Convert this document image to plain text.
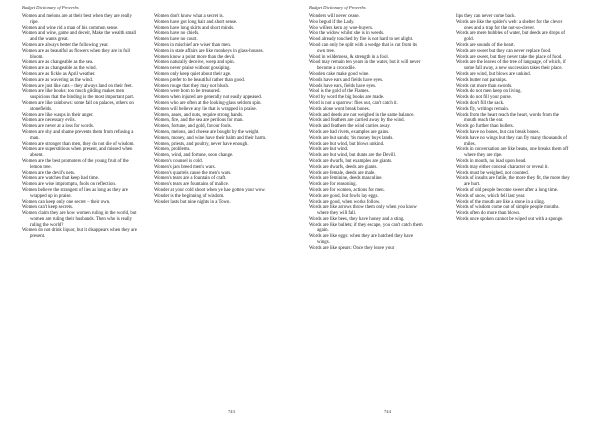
Budget Dictionary of Proverbs
Women and melons are at their best when they are really ripe.
Women and wine rid a man of his common sense.
Women and wine, game and deceit, Make the wealth small and the wants great.
Women are always better the following year.
Women are as beautiful as flowers when they are in full bloom.
Women are as changeable as the sea.
Women are as changeable as the wind.
Women are as fickle as April weather.
Women are as wavering as the wind.
Women are just like cats – they always land on their feet.
Women are like books: too much gilding makes men suspicious that the binding is the most important part.
Women are like rainbows: some fall on palaces, others on stonefields.
Women are like wasps in their anger.
Women are necessary evils.
Women are never at a loss for words.
Women are shy and shame prevents them from refusing a man.
Women are stronger than men, they do not die of wisdom.
Women are superstitious when present, and missed when absent.
Women are the best promoters of the young fruit of the lemon tree.
Women are the devil's nets.
Women are watches that keep bad time.
Women are wise impromptu, fools on reflection.
Women believe the strangest of lies as long as they are wrapped up in praise.
Women can keep only one secret – their own.
Women can't keep secrets.
Women claim they are how women ruling in the world, but women are ruling their husbands. Then who is really ruling the world?
Women do not drink liquor, but it disappears when they are present.
Women don't know what a secret is.
Women have got long hair and short sense.
Women have long skirts and short minds.
Women have no chiefs.
Women have no court.
Women in mischief are wiser than men.
Women in state affairs are like monkeys in glass-houses.
Women know a point more than the devil.
Women naturally deceive, weep and spin.
Women never praise without gossiping.
Women only keep quiet about their age.
Women prefer to be beautiful rather than good.
Women rouge that they may not blush.
Women were born to be treasured.
Women when injured are generally not easily appeased.
Women who are often at the looking-glass seldom spin.
Women will believe any lie that is wrapped in praise.
Women, asses, and nuts, require strong hands.
Women, fire, and the sea are perilous for man.
Women, fortune, and gold, favour fools.
Women, melons, and cheese are bought by the weight.
Women, money, and wine have their balm and their harm.
Women, priests, and poultry, never have enough.
Women, problems.
Women, wind, and fortune, soon change.
Women's counsel is cold.
Women's jars breed men's wars.
Women's quarrels cause the men's wars.
Women's tears are a fountain of craft.
Women's tears are fountains of malice.
Wonder at your cold shoot when ye hae gotten your wow.
Wonder is the beginning of wisdom.
Wonder lasts but nine nights in a Town.
743
Budget Dictionary of Proverbs
Wonders will never cease.
Woo begud if the Lady.
Woo willers kern ay woe-buyers.
Woo the widow whilst she is in weeds.
Wood already touched by fire is not hard to set alight.
Wood can only be split with a wedge that is cut from its own tree.
Wood in wilderness, & strength in a fool.
Wood may remain ten years in the water, but it will never become a crocodile.
Wooden cake make good wine.
Woods have ears and fields have eyes.
Woods have ears, fields have eyes.
Wool is the gold of the Flames.
Word by word the big books are made.
Word is not a sparrow: flies out, can't catch it.
Words alone wont break bones.
Words and deeds are not weighed in the same balance.
Words and feathers are carried away by the wind.
Words and feathers the wind carries away.
Words are bad rivets, examples are gains.
Words are but sands; 'tis money buys lands.
Words are but wind, but blows unkind.
Words are but wind.
Words are but wind, but dunts are the Devill.
Words are dwarfs, but examples are giants.
Words are dwarfs, deeds are giants.
Words are female, deeds are male.
Words are feminine, deeds masculine.
Words are for reasoning.
Words are for women, actions for men.
Words are good, but fowls lay eggs.
Words are good, when works follow.
Words are like arrows throw them only when you know where they will fall.
Words are like bees, they have honey and a sting.
Words are like bullets; if they escape, you can't catch them again.
Words are like eggs: when they are hatched they have wings.
Words are like spears: Once they leave your
lips they can never come back.
Words are like the spider's web: a shelter for the clever ones and a trap for the not-so-clever.
Words are mere bubbles of water, but deeds are drops of gold.
Words are sounds of the heart.
Words are sweet but they can never replace food.
Words are sweet, but they never take the place of food.
Words are the leaves of the tree of language, of which, if some fall away, a new succession takes their place.
Words are wind, but blows are unkind.
Words butter not parsnips.
Words cut more than swords.
Words do not men keep on living.
Words do not fill your purse.
Words don't fill the sack.
Words fly, writings remain.
Words from the heart reach the heart, words from the mouth reach the ear.
Words go further than bullets.
Words have no bones, but can break bones.
Words have no wings but they can fly many thousands of miles.
Words in conversation are like beans, one breaks them off where they are ripe.
Words in mouth, no load upon head.
Words may either conceal character or reveal it.
Words must be weighed, not counted.
Words of insults are futile, the more they fit, the more they are hurt.
Words of old people become sweet after a long time.
Words of snow, which fell last year.
Words of the mouth are like a stone in a sling.
Words of wisdom come out of simple people mouths.
Words often do more than blows.
Words once spoken cannot be wiped out with a sponge.
744
